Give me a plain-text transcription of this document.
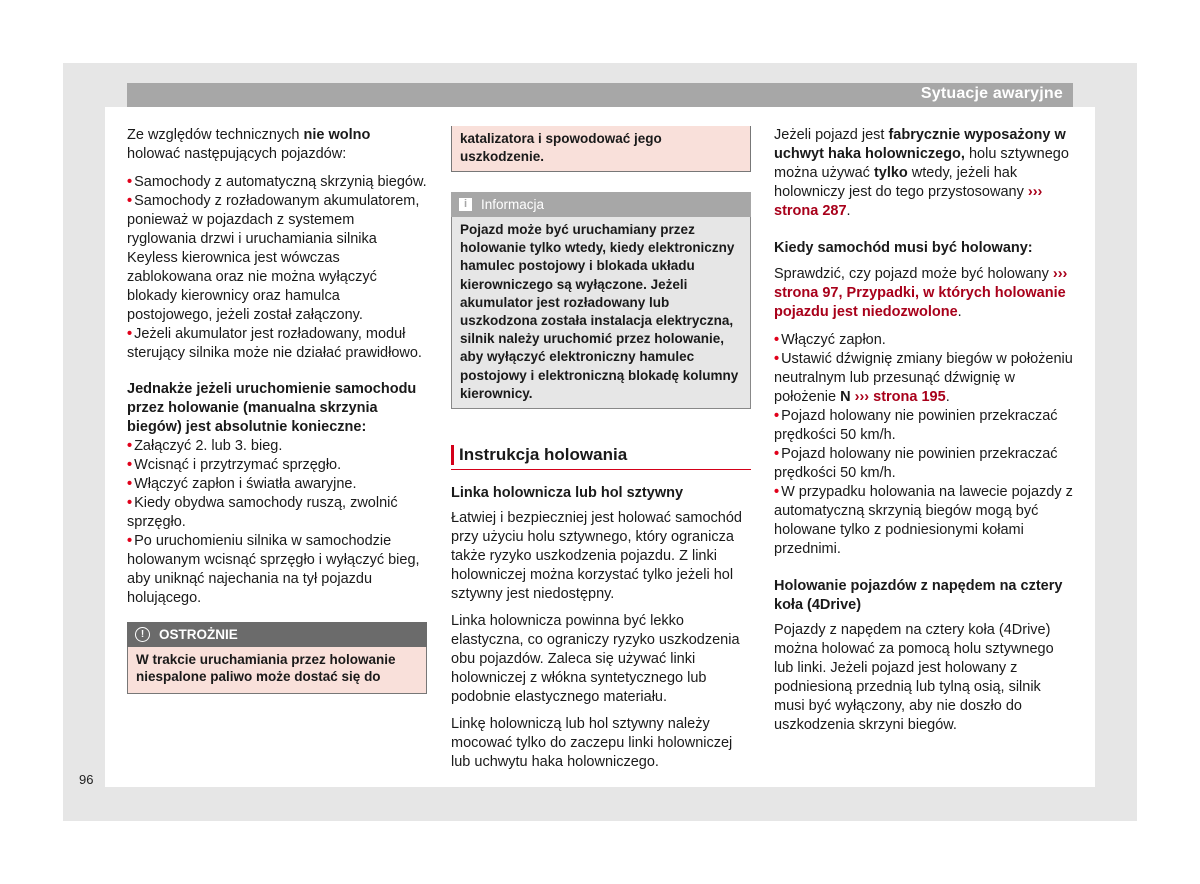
Sytuacje awaryjne
96

Ze względów technicznych nie wolno holować następujących pojazdów:

• Samochody z automatyczną skrzynią biegów.

• Samochody z rozładowanym akumulatorem, ponieważ w pojazdach z systemem ryglowania drzwi i uruchamiania silnika Keyless kierownica jest wówczas zablokowana oraz nie można wyłączyć blokady kierownicy oraz hamulca postojowego, jeżeli został załączony.

• Jeżeli akumulator jest rozładowany, moduł sterujący silnika może nie działać prawidłowo.

Jednakże jeżeli uruchomienie samochodu przez holowanie (manualna skrzynia biegów) jest absolutnie konieczne:

• Załączyć 2. lub 3. bieg.

• Wcisnąć i przytrzymać sprzęgło.

• Włączyć zapłon i światła awaryjne.

• Kiedy obydwa samochody ruszą, zwolnić sprzęgło.

• Po uruchomieniu silnika w samochodzie holowanym wcisnąć sprzęgło i wyłączyć bieg, aby uniknąć najechania na tył pojazdu holującego.

!	OSTROŻNIE
W trakcie uruchamiania przez holowanie niespalone paliwo może dostać się do
katalizatora i spowodować jego uszkodzenie.
i	Informacja
Pojazd może być uruchamiany przez holowanie tylko wtedy, kiedy elektroniczny hamulec postojowy i blokada układu kierowniczego są wyłączone. Jeżeli akumulator jest rozładowany lub uszkodzona została instalacja elektryczna, silnik należy uruchomić przez holowanie, aby wyłączyć elektroniczny hamulec postojowy i elektroniczną blokadę kolumny kierownicy.
Instrukcja holowania

Linka holownicza lub hol sztywny

Łatwiej i bezpieczniej jest holować samochód przy użyciu holu sztywnego, który ogranicza także ryzyko uszkodzenia pojazdu. Z linki holowniczej można korzystać tylko jeżeli hol sztywny jest niedostępny.

Linka holownicza powinna być lekko elastyczna, co ograniczy ryzyko uszkodzenia obu pojazdów. Zaleca się używać linki holowniczej z włókna syntetycznego lub podobnie elastycznego materiału.

Linkę holowniczą lub hol sztywny należy mocować tylko do zaczepu linki holowniczej lub uchwytu haka holowniczego.

Jeżeli pojazd jest fabrycznie wyposażony w uchwyt haka holowniczego, holu sztywnego można używać tylko wtedy, jeżeli hak holowniczy jest do tego przystosowany ››› strona 287.

Kiedy samochód musi być holowany:

Sprawdzić, czy pojazd może być holowany ››› strona 97, Przypadki, w których holowanie pojazdu jest niedozwolone.

• Włączyć zapłon.

• Ustawić dźwignię zmiany biegów w położeniu neutralnym lub przesunąć dźwignię w położenie N ››› strona 195.

• Pojazd holowany nie powinien przekraczać prędkości 50 km/h.

• Pojazd holowany nie powinien przekraczać prędkości 50 km/h.

• W przypadku holowania na lawecie pojazdy z automatyczną skrzynią biegów mogą być holowane tylko z podniesionymi kołami przednimi.

Holowanie pojazdów z napędem na cztery koła (4Drive)

Pojazdy z napędem na cztery koła (4Drive) można holować za pomocą holu sztywnego lub linki. Jeżeli pojazd jest holowany z podniesioną przednią lub tylną osią, silnik musi być wyłączony, aby nie doszło do uszkodzenia skrzyni biegów.
